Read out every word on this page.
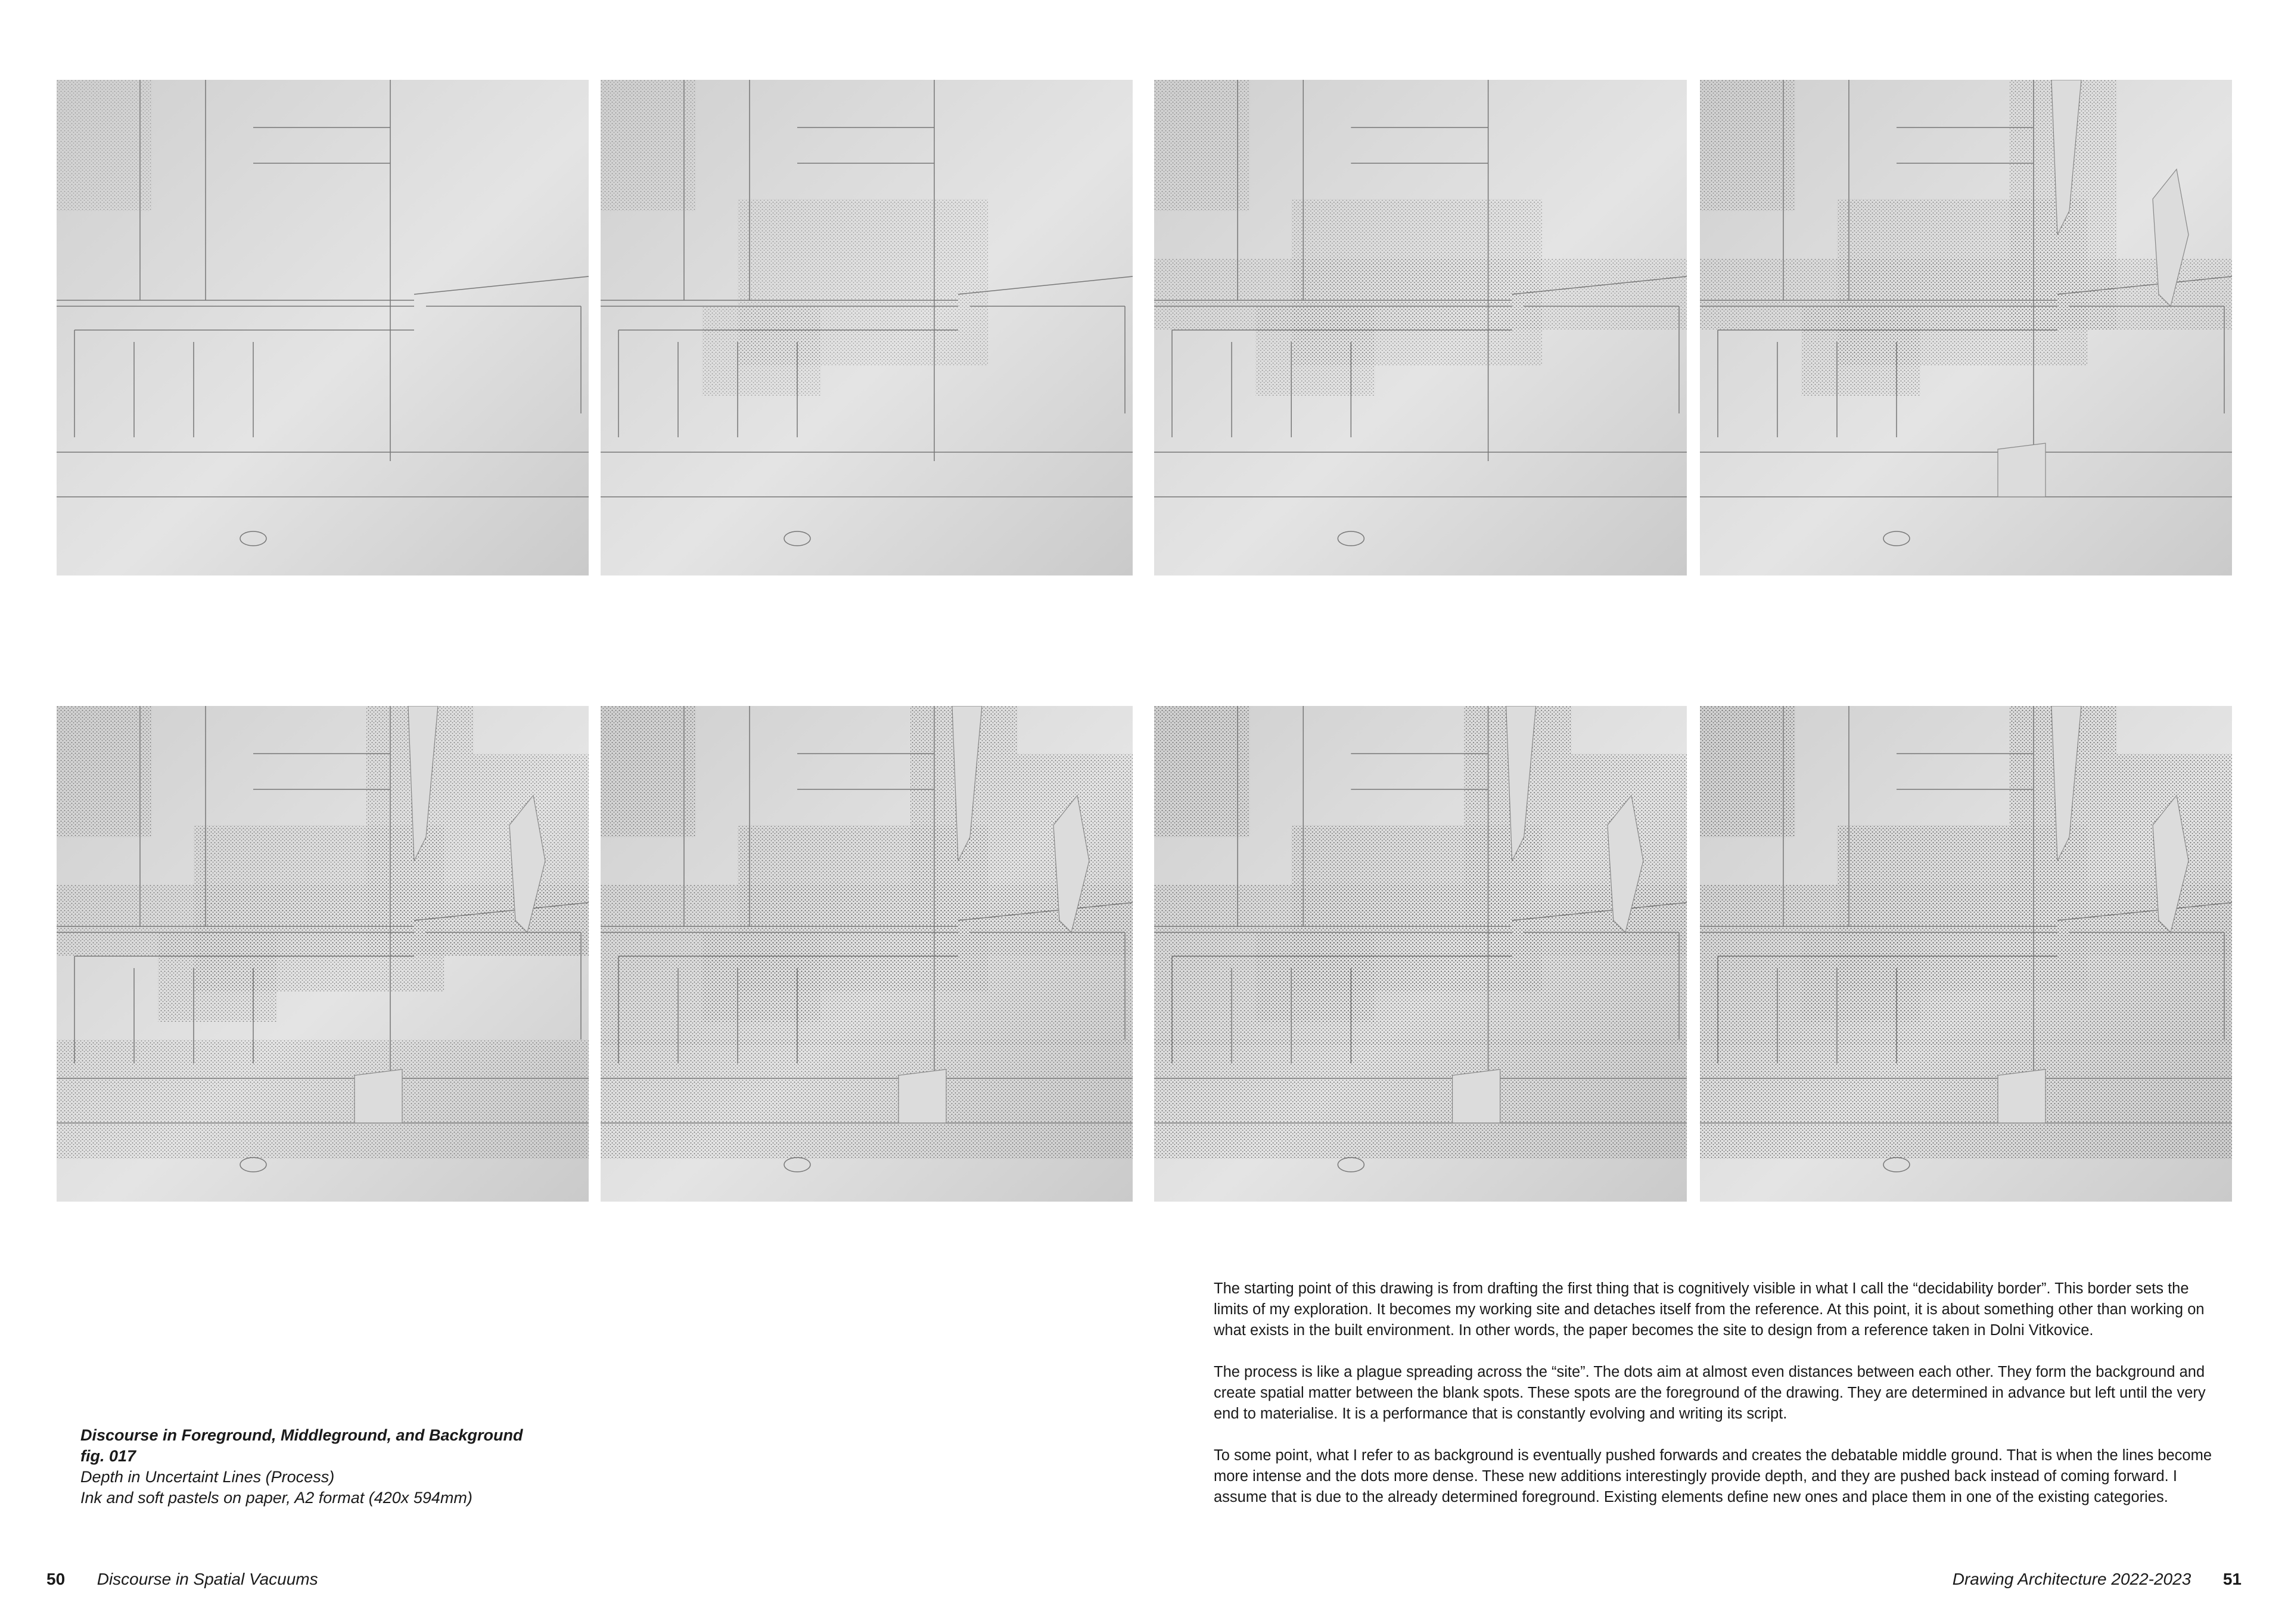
Discourse in Foreground, Middleground, and Background
fig. 017
Depth in Uncertaint Lines (Process)
Ink and soft pastels on paper, A2 format (420x 594mm)

The starting point of this drawing is from drafting the first thing that is cognitively visible in what I call the “decidability border”. This border sets the limits of my exploration. It becomes my working site and detaches itself from the reference. At this point, it is about something other than working on what exists in the built environment. In other words, the paper becomes the site to design from a reference taken in Dolni Vitkovice.

The process is like a plague spreading across the “site”. The dots aim at almost even distances between each other. They form the background and create spatial matter between the blank spots. These spots are the foreground of the drawing. They are determined in advance but left until the very end to materialise. It is a performance that is constantly evolving and writing its script.

To some point, what I refer to as background is eventually pushed forwards and creates the debatable middle ground. That is when the lines become more intense and the dots more dense. These new additions interestingly provide depth, and they are pushed back instead of coming forward. I assume that is due to the already determined foreground. Existing elements define new ones and place them in one of the existing categories.

50 Discourse in Spatial Vacuums	Drawing Architecture 2022-2023 51
